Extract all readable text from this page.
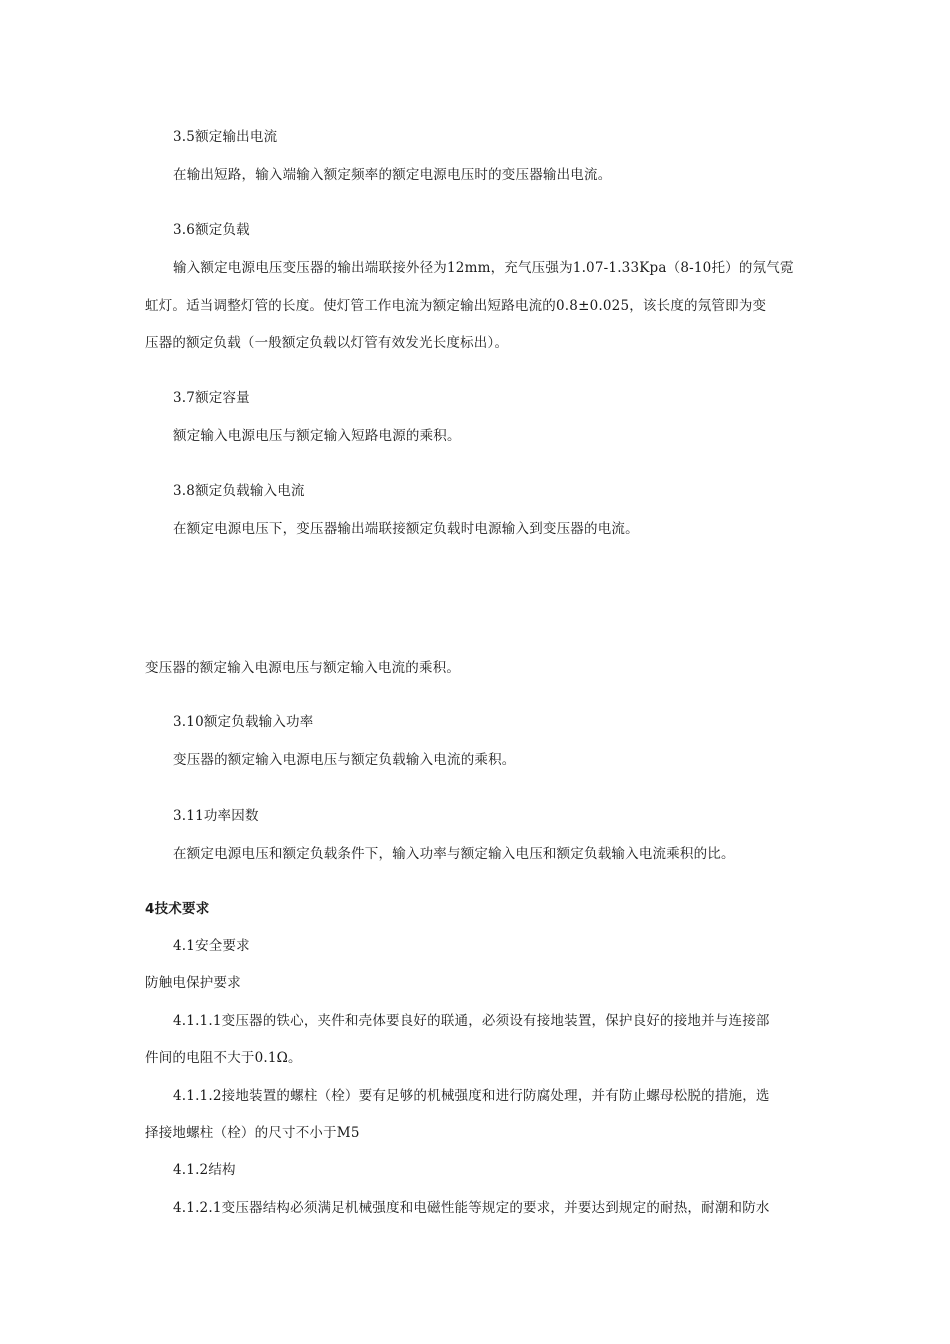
3.5额定输出电流
在输出短路，输入端输入额定频率的额定电源电压时的变压器输出电流。
3.6额定负载
输入额定电源电压变压器的输出端联接外径为12mm，充气压强为1.07-1.33Kpa（8-10托）的氖气霓
虹灯。适当调整灯管的长度。使灯管工作电流为额定输出短路电流的0.8±0.025，该长度的氖管即为变
压器的额定负载（一般额定负载以灯管有效发光长度标出）。
3.7额定容量
额定输入电源电压与额定输入短路电源的乘积。
3.8额定负载输入电流
在额定电源电压下，变压器输出端联接额定负载时电源输入到变压器的电流。
变压器的额定输入电源电压与额定输入电流的乘积。
3.10额定负载输入功率
变压器的额定输入电源电压与额定负载输入电流的乘积。
3.11功率因数
在额定电源电压和额定负载条件下，输入功率与额定输入电压和额定负载输入电流乘积的比。
4技术要求
4.1安全要求
防触电保护要求
4.1.1.1变压器的铁心，夹件和壳体要良好的联通，必须设有接地装置，保护良好的接地并与连接部
件间的电阻不大于0.1Ω。
4.1.1.2接地装置的螺柱（栓）要有足够的机械强度和进行防腐处理，并有防止螺母松脱的措施，选
择接地螺柱（栓）的尺寸不小于M5
4.1.2结构
4.1.2.1变压器结构必须满足机械强度和电磁性能等规定的要求，并要达到规定的耐热，耐潮和防水
